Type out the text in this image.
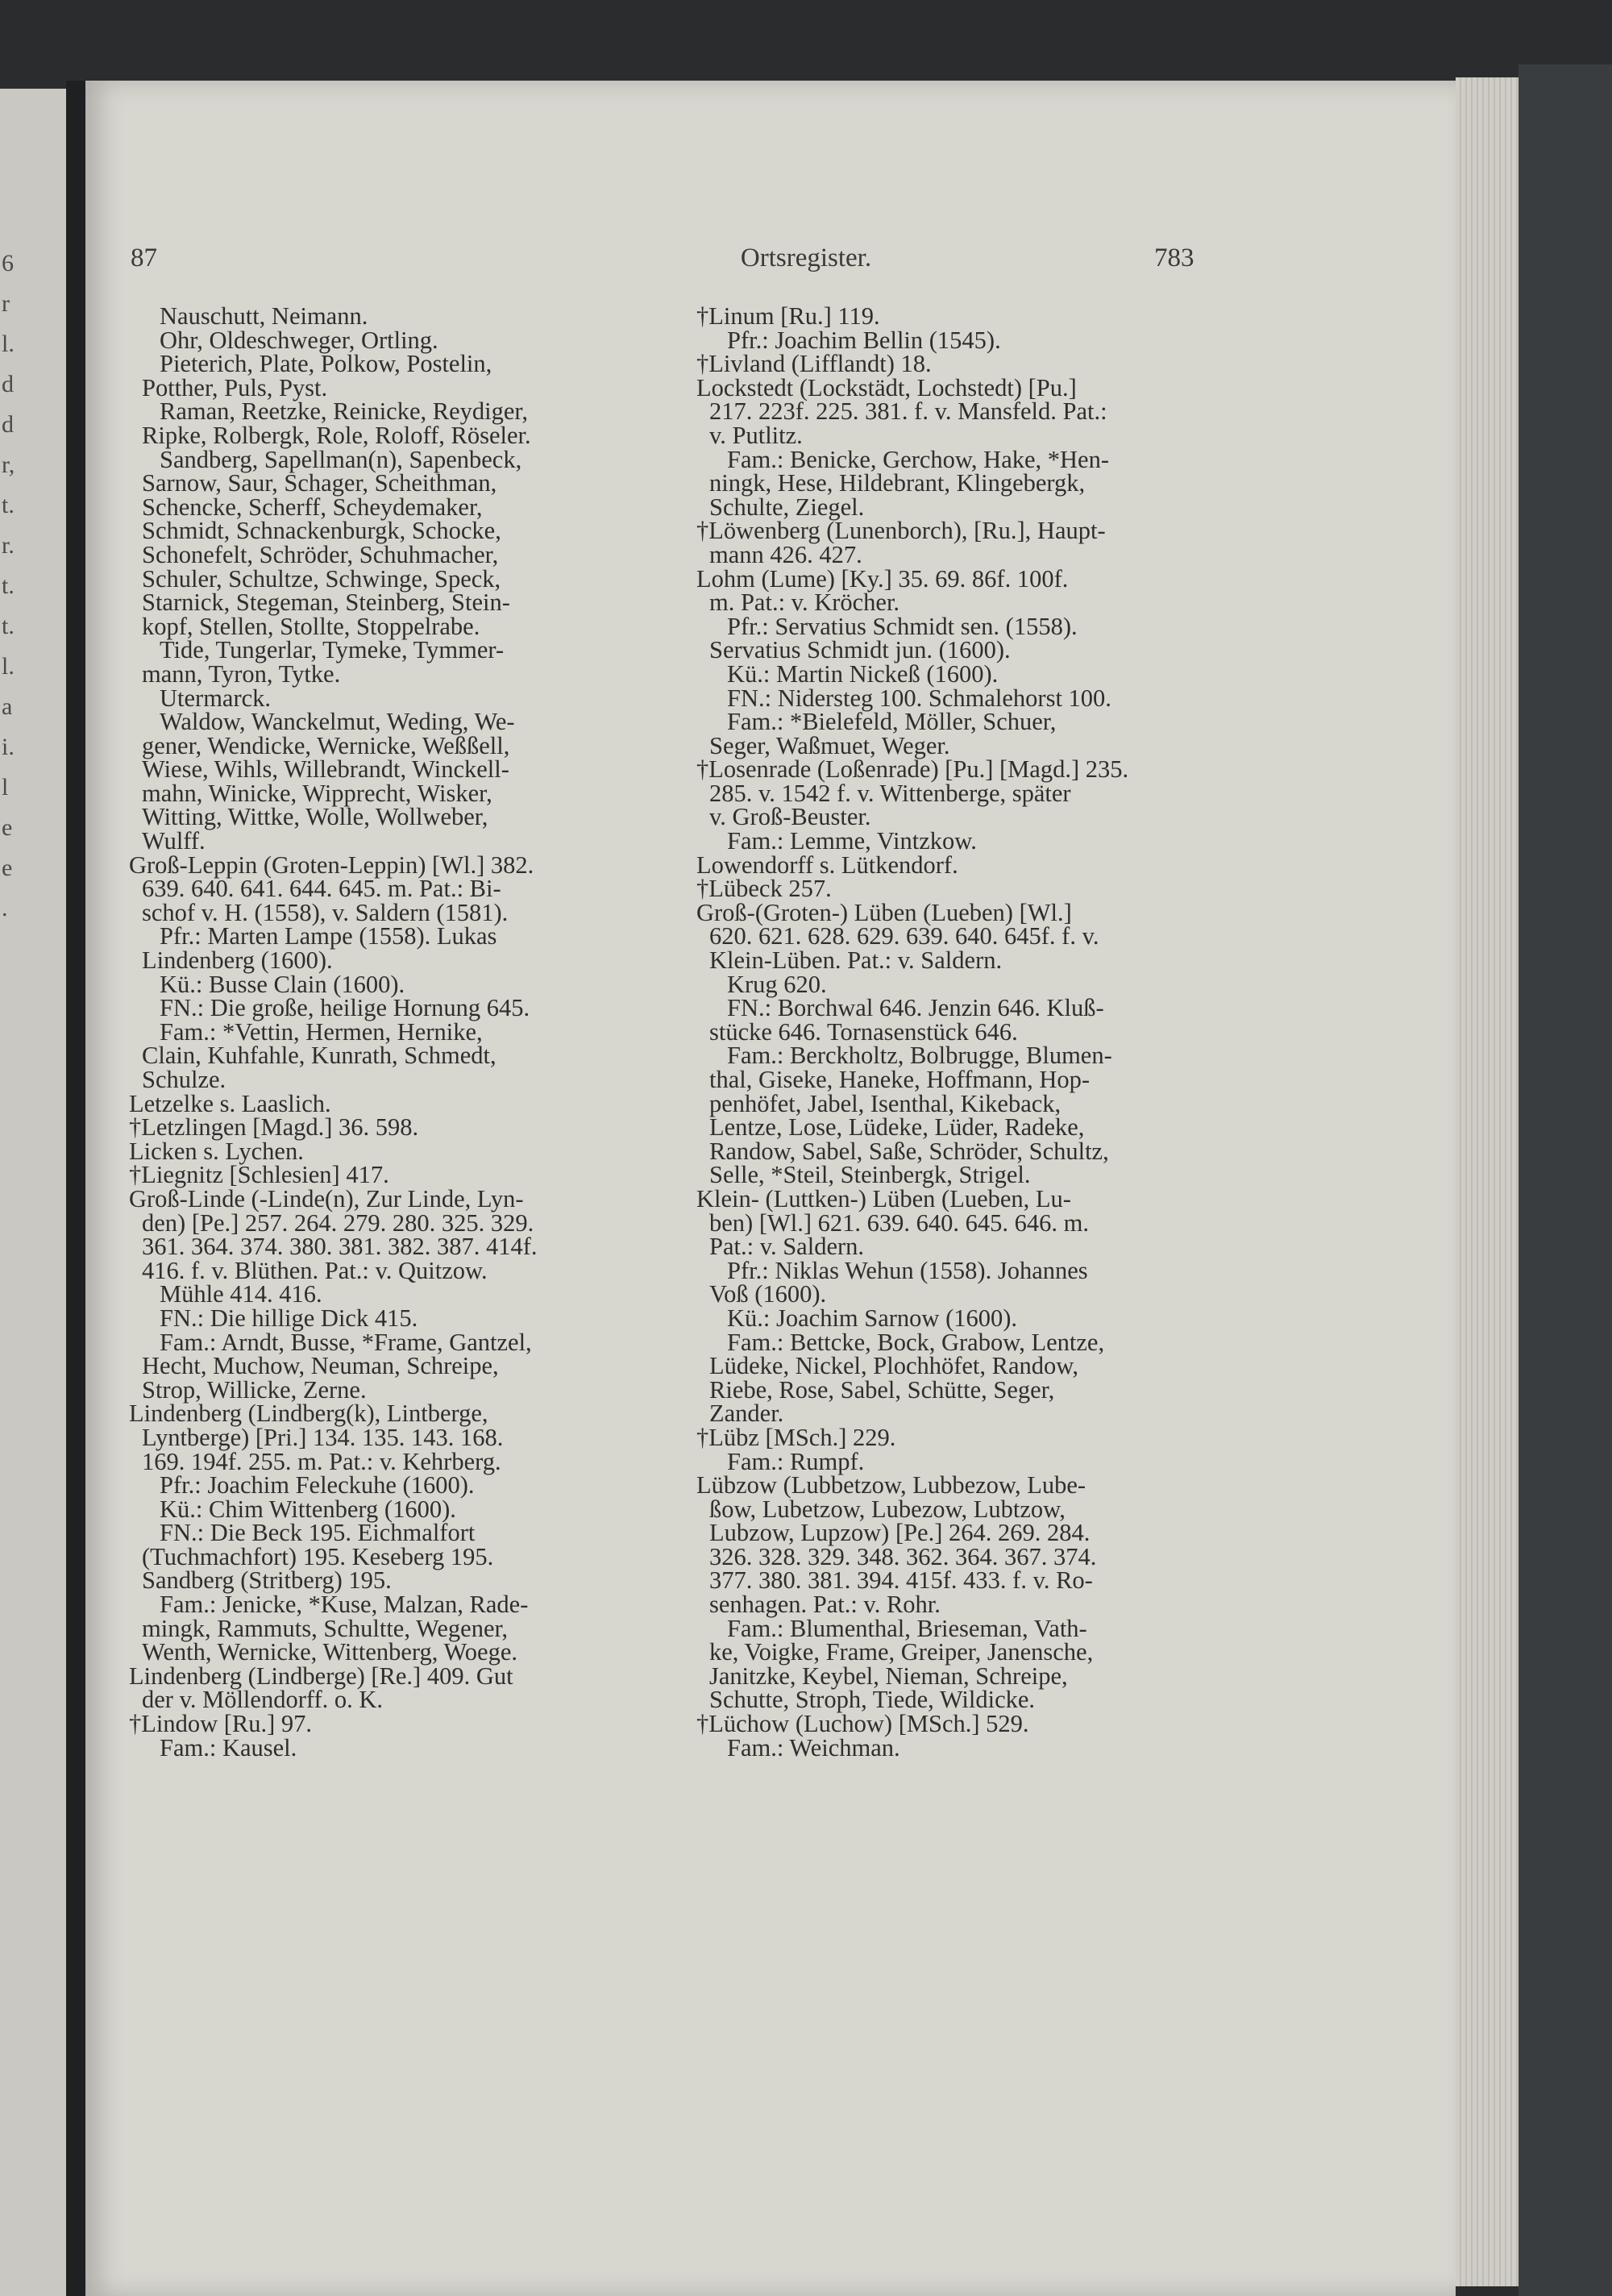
6
r
l.
d
d
r,
t.
r.
t.
t.
l.
a
i.
l
e
e
.
87	Ortsregister.	783
Nauschutt, Neimann.
Ohr, Oldeschweger, Ortling.
Pieterich, Plate, Polkow, Postelin,
Potther, Puls, Pyst.
Raman, Reetzke, Reinicke, Reydiger,
Ripke, Rolbergk, Role, Roloff, Röseler.
Sandberg, Sapellman(n), Sapenbeck,
Sarnow, Saur, Schager, Scheithman,
Schencke, Scherff, Scheydemaker,
Schmidt, Schnackenburgk, Schocke,
Schonefelt, Schröder, Schuhmacher,
Schuler, Schultze, Schwinge, Speck,
Starnick, Stegeman, Steinberg, Stein-
kopf, Stellen, Stollte, Stoppelrabe.
Tide, Tungerlar, Tymeke, Tymmer-
mann, Tyron, Tytke.
Utermarck.
Waldow, Wanckelmut, Weding, We-
gener, Wendicke, Wernicke, Weßßell,
Wiese, Wihls, Willebrandt, Winckell-
mahn, Winicke, Wipprecht, Wisker,
Witting, Wittke, Wolle, Wollweber,
Wulff.
Groß-Leppin (Groten-Leppin) [Wl.] 382.
639. 640. 641. 644. 645. m. Pat.: Bi-
schof v. H. (1558), v. Saldern (1581).
Pfr.: Marten Lampe (1558). Lukas
Lindenberg (1600).
Kü.: Busse Clain (1600).
FN.: Die große, heilige Hornung 645.
Fam.: *Vettin, Hermen, Hernike,
Clain, Kuhfahle, Kunrath, Schmedt,
Schulze.
Letzelke s. Laaslich.
†Letzlingen [Magd.] 36. 598.
Licken s. Lychen.
†Liegnitz [Schlesien] 417.
Groß-Linde (-Linde(n), Zur Linde, Lyn-
den) [Pe.] 257. 264. 279. 280. 325. 329.
361. 364. 374. 380. 381. 382. 387. 414f.
416. f. v. Blüthen. Pat.: v. Quitzow.
Mühle 414. 416.
FN.: Die hillige Dick 415.
Fam.: Arndt, Busse, *Frame, Gantzel,
Hecht, Muchow, Neuman, Schreipe,
Strop, Willicke, Zerne.
Lindenberg (Lindberg(k), Lintberge,
Lyntberge) [Pri.] 134. 135. 143. 168.
169. 194f. 255. m. Pat.: v. Kehrberg.
Pfr.: Joachim Feleckuhe (1600).
Kü.: Chim Wittenberg (1600).
FN.: Die Beck 195. Eichmalfort
(Tuchmachfort) 195. Keseberg 195.
Sandberg (Stritberg) 195.
Fam.: Jenicke, *Kuse, Malzan, Rade-
mingk, Rammuts, Schultte, Wegener,
Wenth, Wernicke, Wittenberg, Woege.
Lindenberg (Lindberge) [Re.] 409. Gut
der v. Möllendorff. o. K.
†Lindow [Ru.] 97.
Fam.: Kausel.
†Linum [Ru.] 119.
Pfr.: Joachim Bellin (1545).
†Livland (Lifflandt) 18.
Lockstedt (Lockstädt, Lochstedt) [Pu.]
217. 223f. 225. 381. f. v. Mansfeld. Pat.:
v. Putlitz.
Fam.: Benicke, Gerchow, Hake, *Hen-
ningk, Hese, Hildebrant, Klingebergk,
Schulte, Ziegel.
†Löwenberg (Lunenborch), [Ru.], Haupt-
mann 426. 427.
Lohm (Lume) [Ky.] 35. 69. 86f. 100f.
m. Pat.: v. Kröcher.
Pfr.: Servatius Schmidt sen. (1558).
Servatius Schmidt jun. (1600).
Kü.: Martin Nickeß (1600).
FN.: Nidersteg 100. Schmalehorst 100.
Fam.: *Bielefeld, Möller, Schuer,
Seger, Waßmuet, Weger.
†Losenrade (Loßenrade) [Pu.] [Magd.] 235.
285. v. 1542 f. v. Wittenberge, später
v. Groß-Beuster.
Fam.: Lemme, Vintzkow.
Lowendorff s. Lütkendorf.
†Lübeck 257.
Groß-(Groten-) Lüben (Lueben) [Wl.]
620. 621. 628. 629. 639. 640. 645f. f. v.
Klein-Lüben. Pat.: v. Saldern.
Krug 620.
FN.: Borchwal 646. Jenzin 646. Kluß-
stücke 646. Tornasenstück 646.
Fam.: Berckholtz, Bolbrugge, Blumen-
thal, Giseke, Haneke, Hoffmann, Hop-
penhöfet, Jabel, Isenthal, Kikeback,
Lentze, Lose, Lüdeke, Lüder, Radeke,
Randow, Sabel, Saße, Schröder, Schultz,
Selle, *Steil, Steinbergk, Strigel.
Klein- (Luttken-) Lüben (Lueben, Lu-
ben) [Wl.] 621. 639. 640. 645. 646. m.
Pat.: v. Saldern.
Pfr.: Niklas Wehun (1558). Johannes
Voß (1600).
Kü.: Joachim Sarnow (1600).
Fam.: Bettcke, Bock, Grabow, Lentze,
Lüdeke, Nickel, Plochhöfet, Randow,
Riebe, Rose, Sabel, Schütte, Seger,
Zander.
†Lübz [MSch.] 229.
Fam.: Rumpf.
Lübzow (Lubbetzow, Lubbezow, Lube-
ßow, Lubetzow, Lubezow, Lubtzow,
Lubzow, Lupzow) [Pe.] 264. 269. 284.
326. 328. 329. 348. 362. 364. 367. 374.
377. 380. 381. 394. 415f. 433. f. v. Ro-
senhagen. Pat.: v. Rohr.
Fam.: Blumenthal, Brieseman, Vath-
ke, Voigke, Frame, Greiper, Janensche,
Janitzke, Keybel, Nieman, Schreipe,
Schutte, Stroph, Tiede, Wildicke.
†Lüchow (Luchow) [MSch.] 529.
Fam.: Weichman.
